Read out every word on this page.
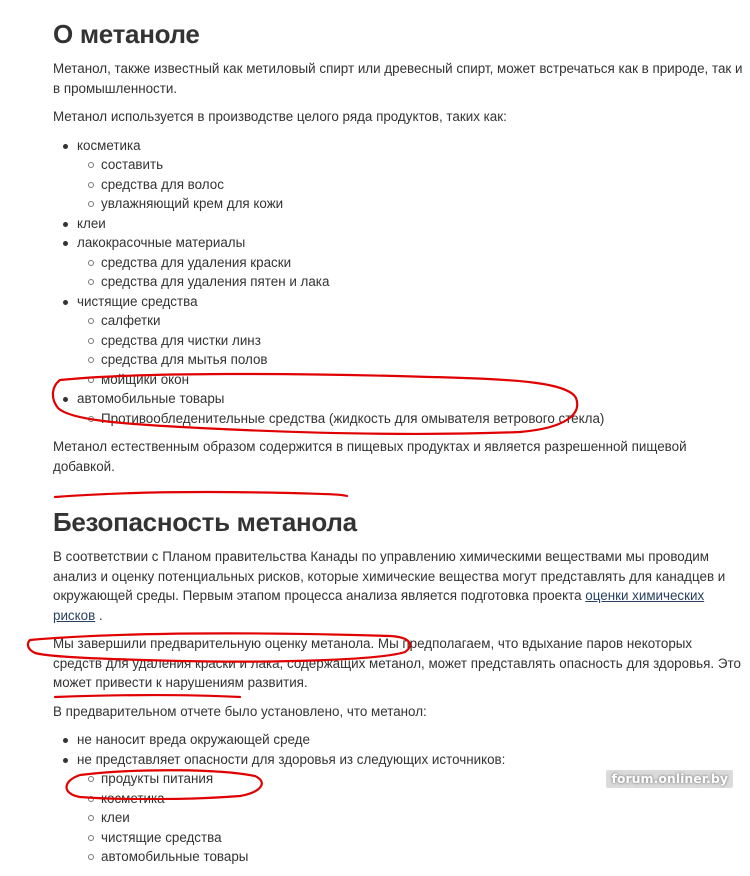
О метаноле

Метанол, также известный как метиловый спирт или древесный спирт, может встречаться как в природе, так и в промышленности.

Метанол используется в производстве целого ряда продуктов, таких как:

косметика
составить
средства для волос
увлажняющий крем для кожи
клеи
лакокрасочные материалы
средства для удаления краски
средства для удаления пятен и лака
чистящие средства
салфетки
средства для чистки линз
средства для мытья полов
мойщики окон
автомобильные товары
Противообледенительные средства (жидкость для омывателя ветрового стекла)

Метанол естественным образом содержится в пищевых продуктах и является разрешенной пищевой добавкой.

Безопасность метанола

В соответствии с Планом правительства Канады по управлению химическими веществами мы проводим анализ и оценку потенциальных рисков, которые химические вещества могут представлять для канадцев и окружающей среды. Первым этапом процесса анализа является подготовка проекта оценки химических рисков .

Мы завершили предварительную оценку метанола. Мы предполагаем, что вдыхание паров некоторых средств для удаления краски и лака, содержащих метанол, может представлять опасность для здоровья. Это может привести к нарушениям развития.

В предварительном отчете было установлено, что метанол:

не наносит вреда окружающей среде
не представляет опасности для здоровья из следующих источников:
продукты питания
косметика
клеи
чистящие средства
автомобильные товары
forum.onliner.by
